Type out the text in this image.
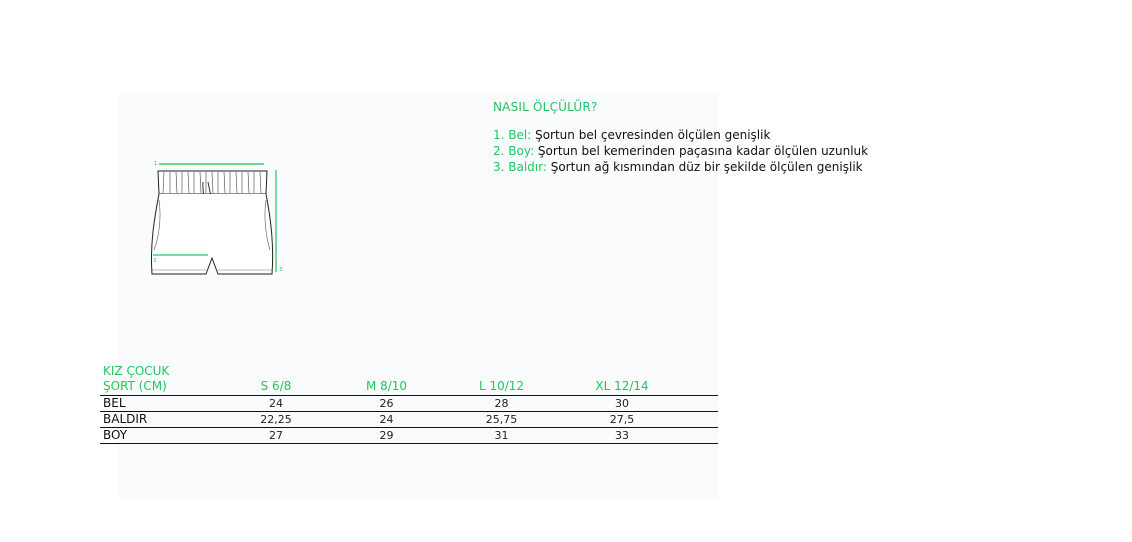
1.
3.
3.
NASIL ÖLÇÜLÜR?
1. Bel: Şortun bel çevresinden ölçülen genişlik
2. Boy: Şortun bel kemerinden paçasına kadar ölçülen uzunluk
3. Baldır: Şortun ağ kısmından düz bir şekilde ölçülen genişlik
KIZ ÇOCUK
ŞORT (CM)	S 6/8	M 8/10	L 10/12	XL 12/14	
BEL	24	26	28	30	
BALDIR	22,25	24	25,75	27,5	
BOY	27	29	31	33	
